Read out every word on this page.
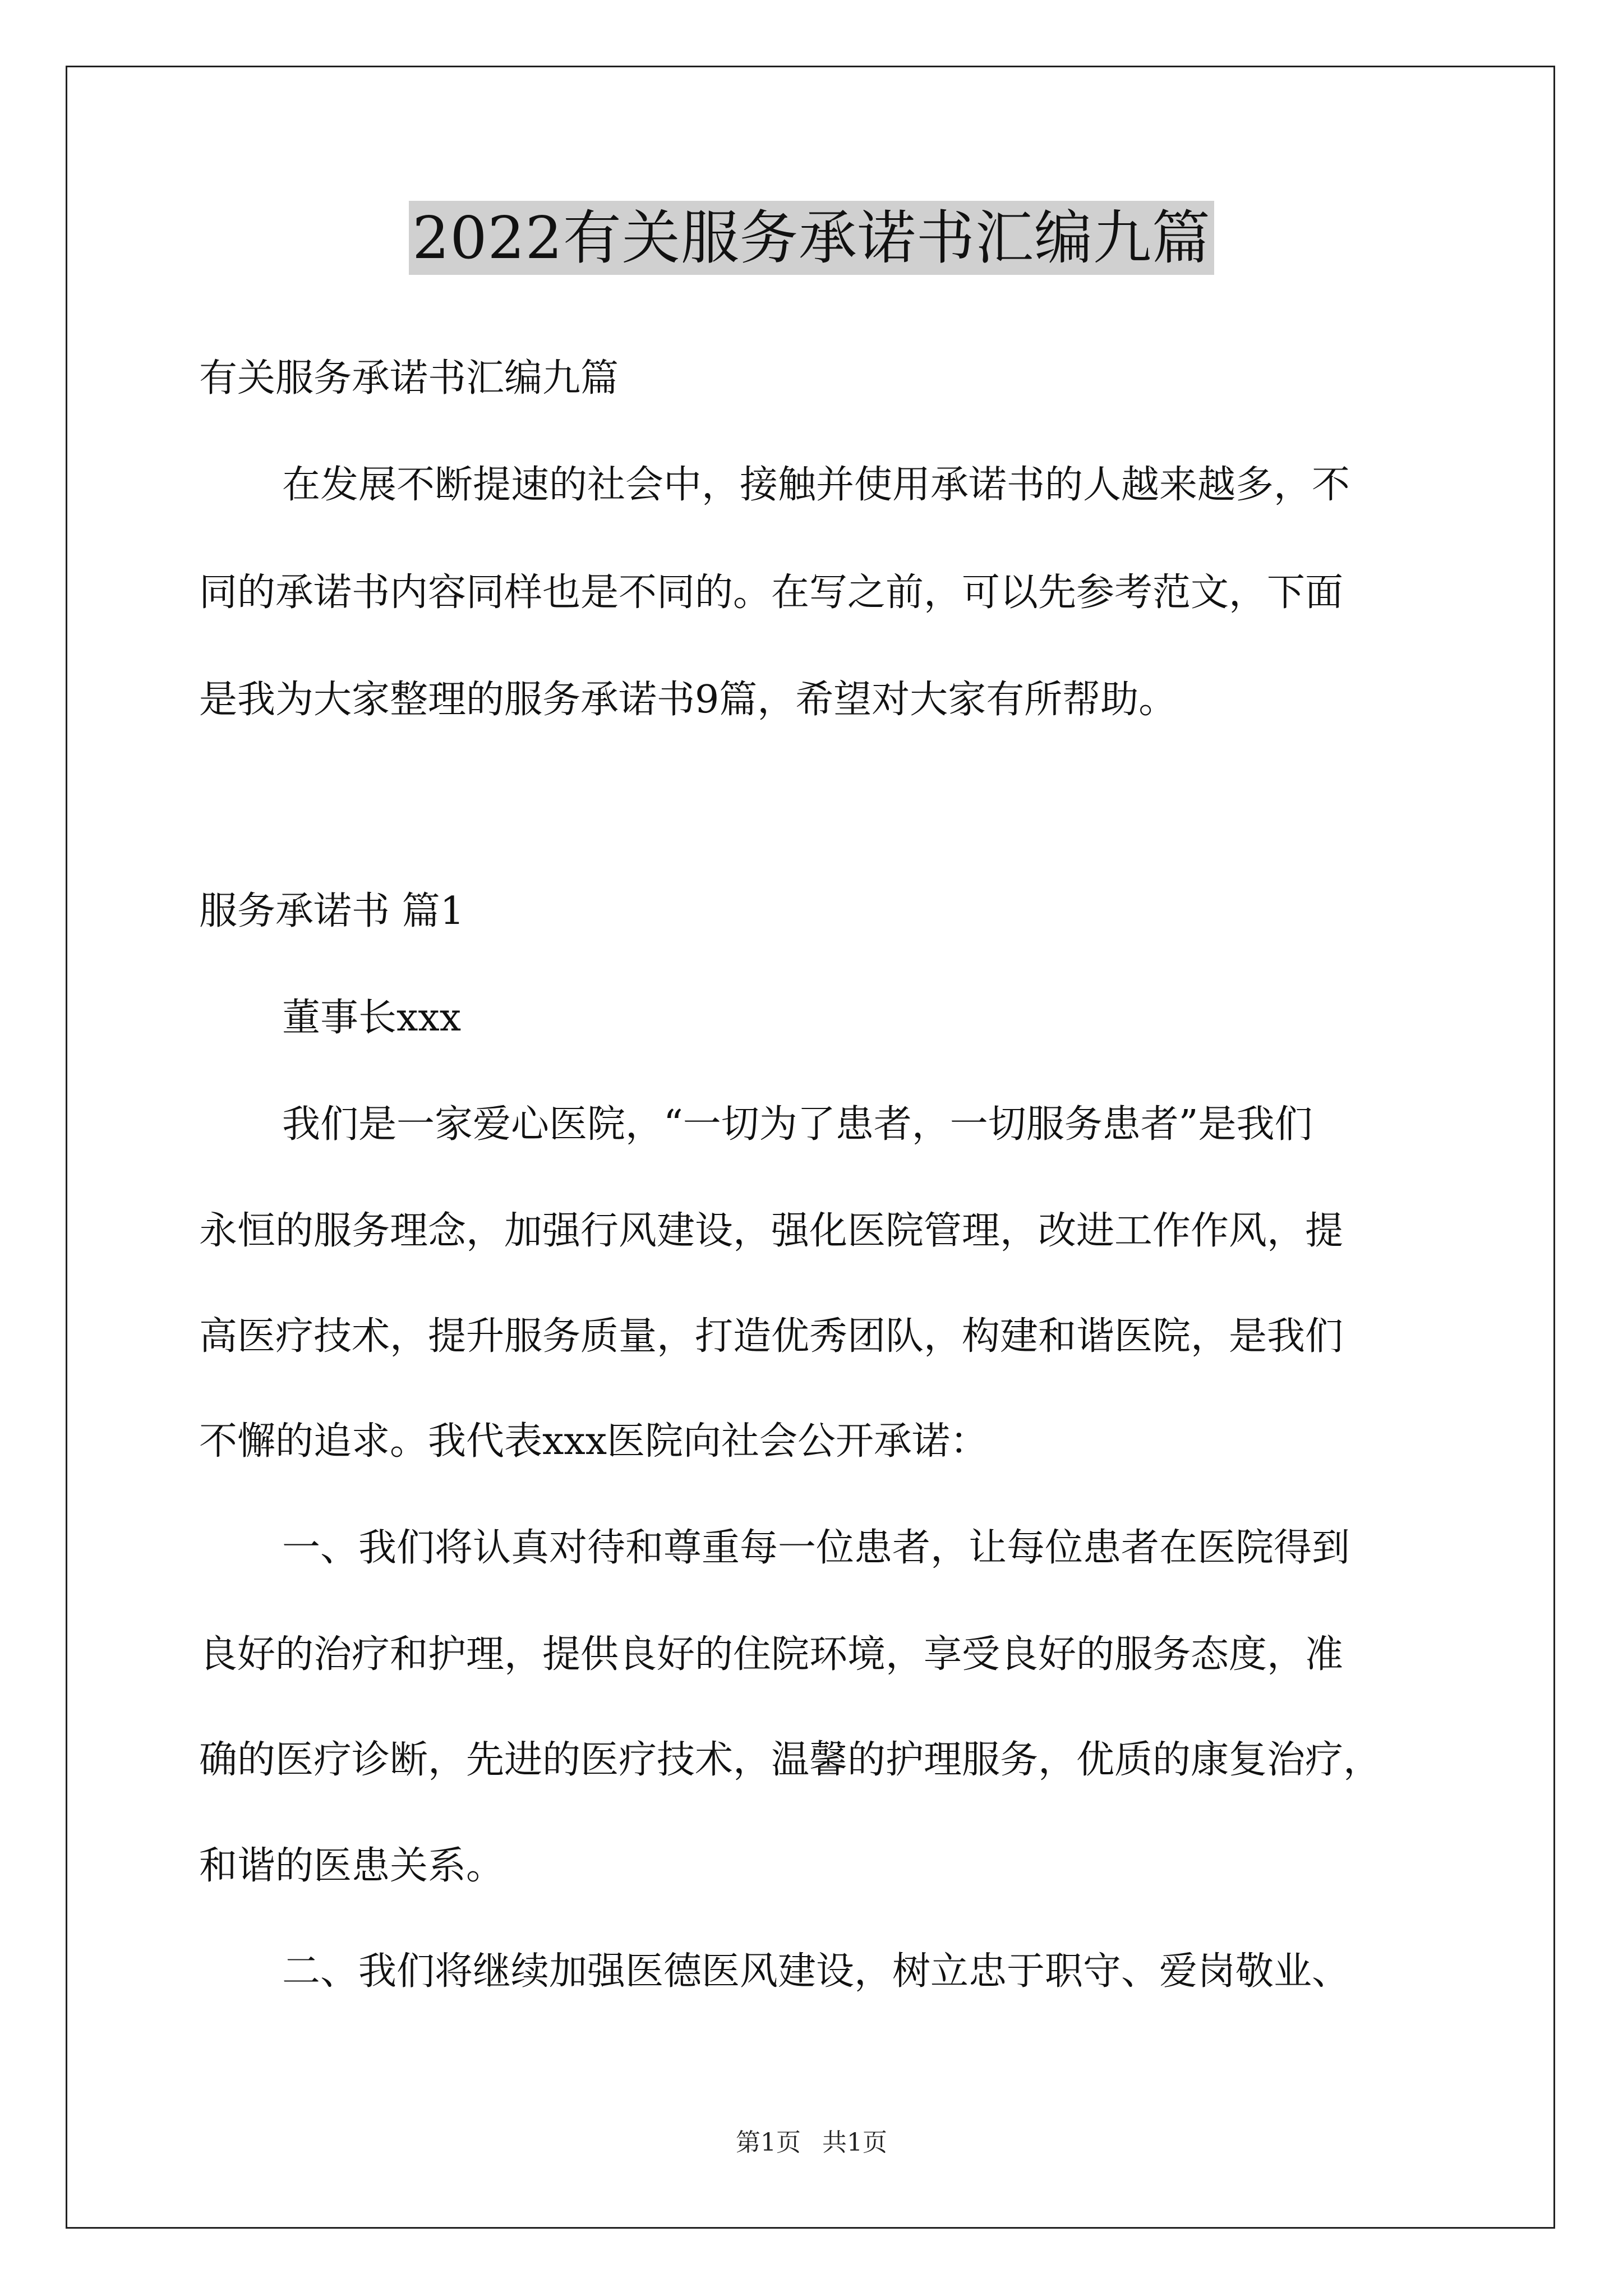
2022有关服务承诺书汇编九篇
有关服务承诺书汇编九篇
在发展不断提速的社会中，接触并使用承诺书的人越来越多，不
同的承诺书内容同样也是不同的。在写之前，可以先参考范文，下面
是我为大家整理的服务承诺书9篇，希望对大家有所帮助。
服务承诺书 篇1
董事长xxx
我们是一家爱心医院，“一切为了患者，一切服务患者”是我们
永恒的服务理念，加强行风建设，强化医院管理，改进工作作风，提
高医疗技术，提升服务质量，打造优秀团队，构建和谐医院，是我们
不懈的追求。我代表xxx医院向社会公开承诺：
一、我们将认真对待和尊重每一位患者，让每位患者在医院得到
良好的治疗和护理，提供良好的住院环境，享受良好的服务态度，准
确的医疗诊断，先进的医疗技术，温馨的护理服务，优质的康复治疗，
和谐的医患关系。
二、我们将继续加强医德医风建设，树立忠于职守、爱岗敬业、
第1页 共1页
